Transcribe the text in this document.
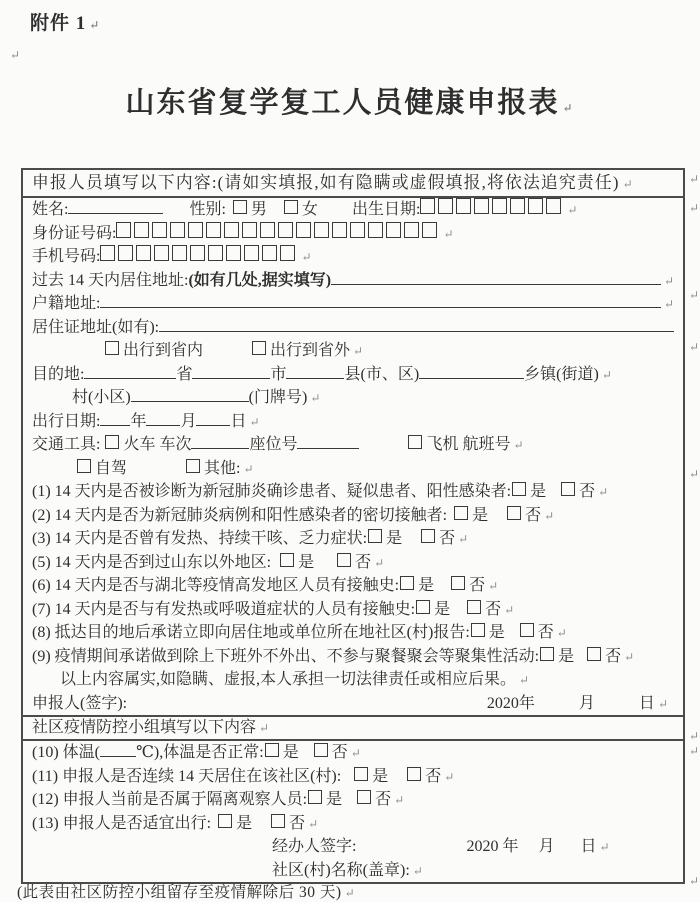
附件 1 ↵
↵
山东省复学复工人员健康申报表 ↵
申报人员填写以下内容:(请如实填报,如有隐瞒或虚假填报,将依法追究责任) ↵
姓名:	性别: 男 女 出生日期:	↵
身份证号码:	↵
手机号码:	↵
过去 14 天内居住地址: (如有几处,据实填写)	↵
户籍地址:	↵
居住证地址(如有):
出行到省内	出行到省外 ↵
目的地:	省	市	县(市、区)	乡镇(街道) ↵
村(小区)	(门牌号) ↵
出行日期: 年 月 日 ↵
交通工具: 火车 车次	座位号	飞机 航班号 ↵
自驾	其他: ↵
(1) 14 天内是否被诊断为新冠肺炎确诊患者、疑似患者、阳性感染者: 是 否 ↵
(2) 14 天内是否为新冠肺炎病例和阳性感染者的密切接触者: 是 否 ↵
(3) 14 天内是否曾有发热、持续干咳、乏力症状: 是 否 ↵
(5) 14 天内是否到过山东以外地区: 是	否 ↵
(6) 14 天内是否与湖北等疫情高发地区人员有接触史: 是 否 ↵
(7) 14 天内是否与有发热或呼吸道症状的人员有接触史: 是 否 ↵
(8) 抵达目的地后承诺立即向居住地或单位所在地社区(村)报告: 是 否 ↵
(9) 疫情期间承诺做到除上下班外不外出、不参与聚餐聚会等聚集性活动: 是 否 ↵
以上内容属实,如隐瞒、虚报,本人承担一切法律责任或相应后果。 ↵
申报人(签字):	2020年	月	日 ↵
社区疫情防控小组填写以下内容 ↵
(10) 体温( ℃),体温是否正常: 是 否 ↵
(11) 申报人是否连续 14 天居住在该社区(村): 是 否 ↵
(12) 申报人当前是否属于隔离观察人员: 是 否 ↵
(13) 申报人是否适宜出行: 是 否 ↵
经办人签字:	2020 年 月 日 ↵
社区(村)名称(盖章): ↵
↵
↵
↵
↵
↵
↵
↵
↵
(此表由社区防控小组留存至疫情解除后 30 天) ↵
